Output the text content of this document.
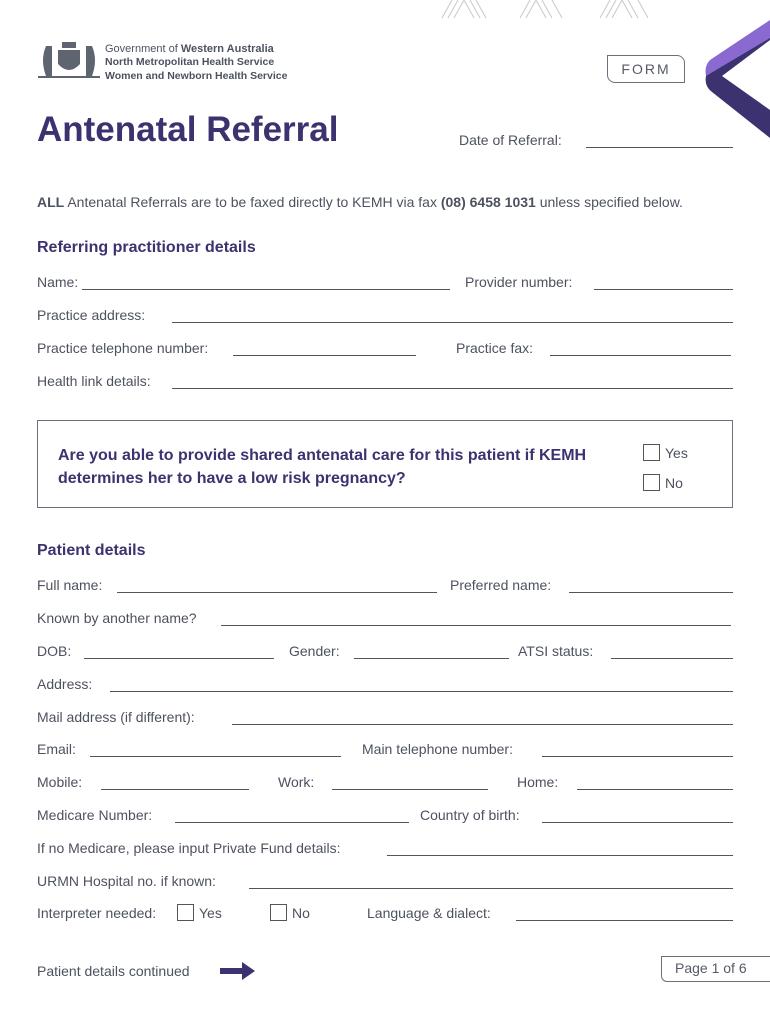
Government of Western Australia
North Metropolitan Health Service
Women and Newborn Health Service	FORM
Antenatal Referral	Date of Referral:
ALL Antenatal Referrals are to be faxed directly to KEMH via fax (08) 6458 1031 unless specified below.
Referring practitioner details
Name:	Provider number:
Practice address:
Practice telephone number:	Practice fax:
Health link details:
Are you able to provide shared antenatal care for this patient if KEMH
determines her to have a low risk pregnancy?
Yes
No
Patient details
Full name:	Preferred name:
Known by another name?
DOB:	Gender:	ATSI status:
Address:
Mail address (if different):
Email:	Main telephone number:
Mobile:	Work:	Home:
Medicare Number:	Country of birth:
If no Medicare, please input Private Fund details:
URMN Hospital no. if known:
Interpreter needed:	Yes	No	Language & dialect:
Patient details continued	Page 1 of 6
